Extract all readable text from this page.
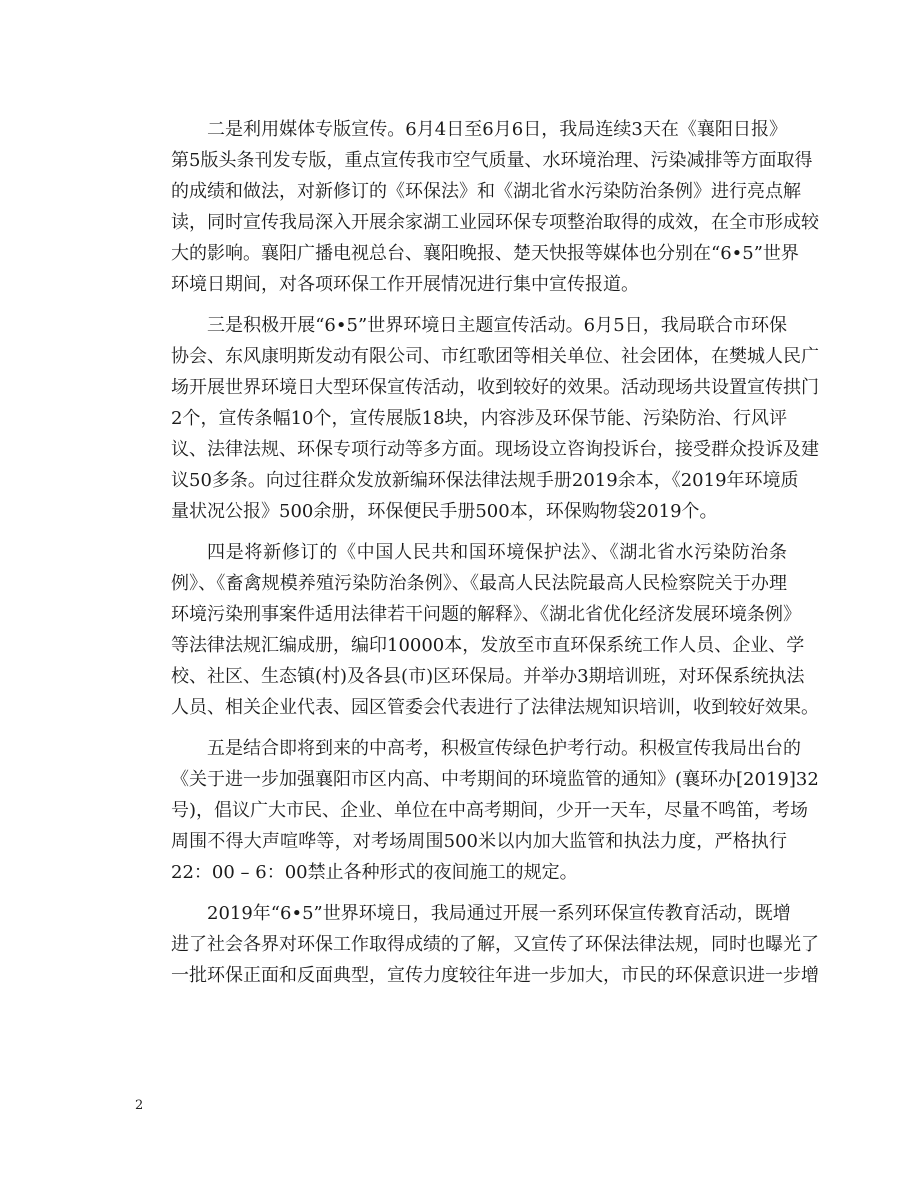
二是利用媒体专版宣传。6月4日至6月6日，我局连续3天在《襄阳日报》
第5版头条刊发专版，重点宣传我市空气质量、水环境治理、污染减排等方面取得
的成绩和做法，对新修订的《环保法》和《湖北省水污染防治条例》进行亮点解
读，同时宣传我局深入开展余家湖工业园环保专项整治取得的成效，在全市形成较
大的影响。襄阳广播电视总台、襄阳晚报、楚天快报等媒体也分别在“6•5”世界
环境日期间，对各项环保工作开展情况进行集中宣传报道。
三是积极开展“6•5”世界环境日主题宣传活动。6月5日，我局联合市环保
协会、东风康明斯发动有限公司、市红歌团等相关单位、社会团体，在樊城人民广
场开展世界环境日大型环保宣传活动，收到较好的效果。活动现场共设置宣传拱门
2个，宣传条幅10个，宣传展版18块，内容涉及环保节能、污染防治、行风评
议、法律法规、环保专项行动等多方面。现场设立咨询投诉台，接受群众投诉及建
议50多条。向过往群众发放新编环保法律法规手册2019余本，《2019年环境质
量状况公报》500余册，环保便民手册500本，环保购物袋2019个。
四是将新修订的《中国人民共和国环境保护法》、《湖北省水污染防治条
例》、《畜禽规模养殖污染防治条例》、《最高人民法院最高人民检察院关于办理
环境污染刑事案件适用法律若干问题的解释》、《湖北省优化经济发展环境条例》
等法律法规汇编成册，编印10000本，发放至市直环保系统工作人员、企业、学
校、社区、生态镇(村)及各县(市)区环保局。并举办3期培训班，对环保系统执法
人员、相关企业代表、园区管委会代表进行了法律法规知识培训，收到较好效果。
五是结合即将到来的中高考，积极宣传绿色护考行动。积极宣传我局出台的
《关于进一步加强襄阳市区内高、中考期间的环境监管的通知》(襄环办[2019]32
号)，倡议广大市民、企业、单位在中高考期间，少开一天车，尽量不鸣笛，考场
周围不得大声喧哗等，对考场周围500米以内加大监管和执法力度，严格执行
22：00 – 6：00禁止各种形式的夜间施工的规定。
2019年“6•5”世界环境日，我局通过开展一系列环保宣传教育活动，既增
进了社会各界对环保工作取得成绩的了解，又宣传了环保法律法规，同时也曝光了
一批环保正面和反面典型，宣传力度较往年进一步加大，市民的环保意识进一步增
2
